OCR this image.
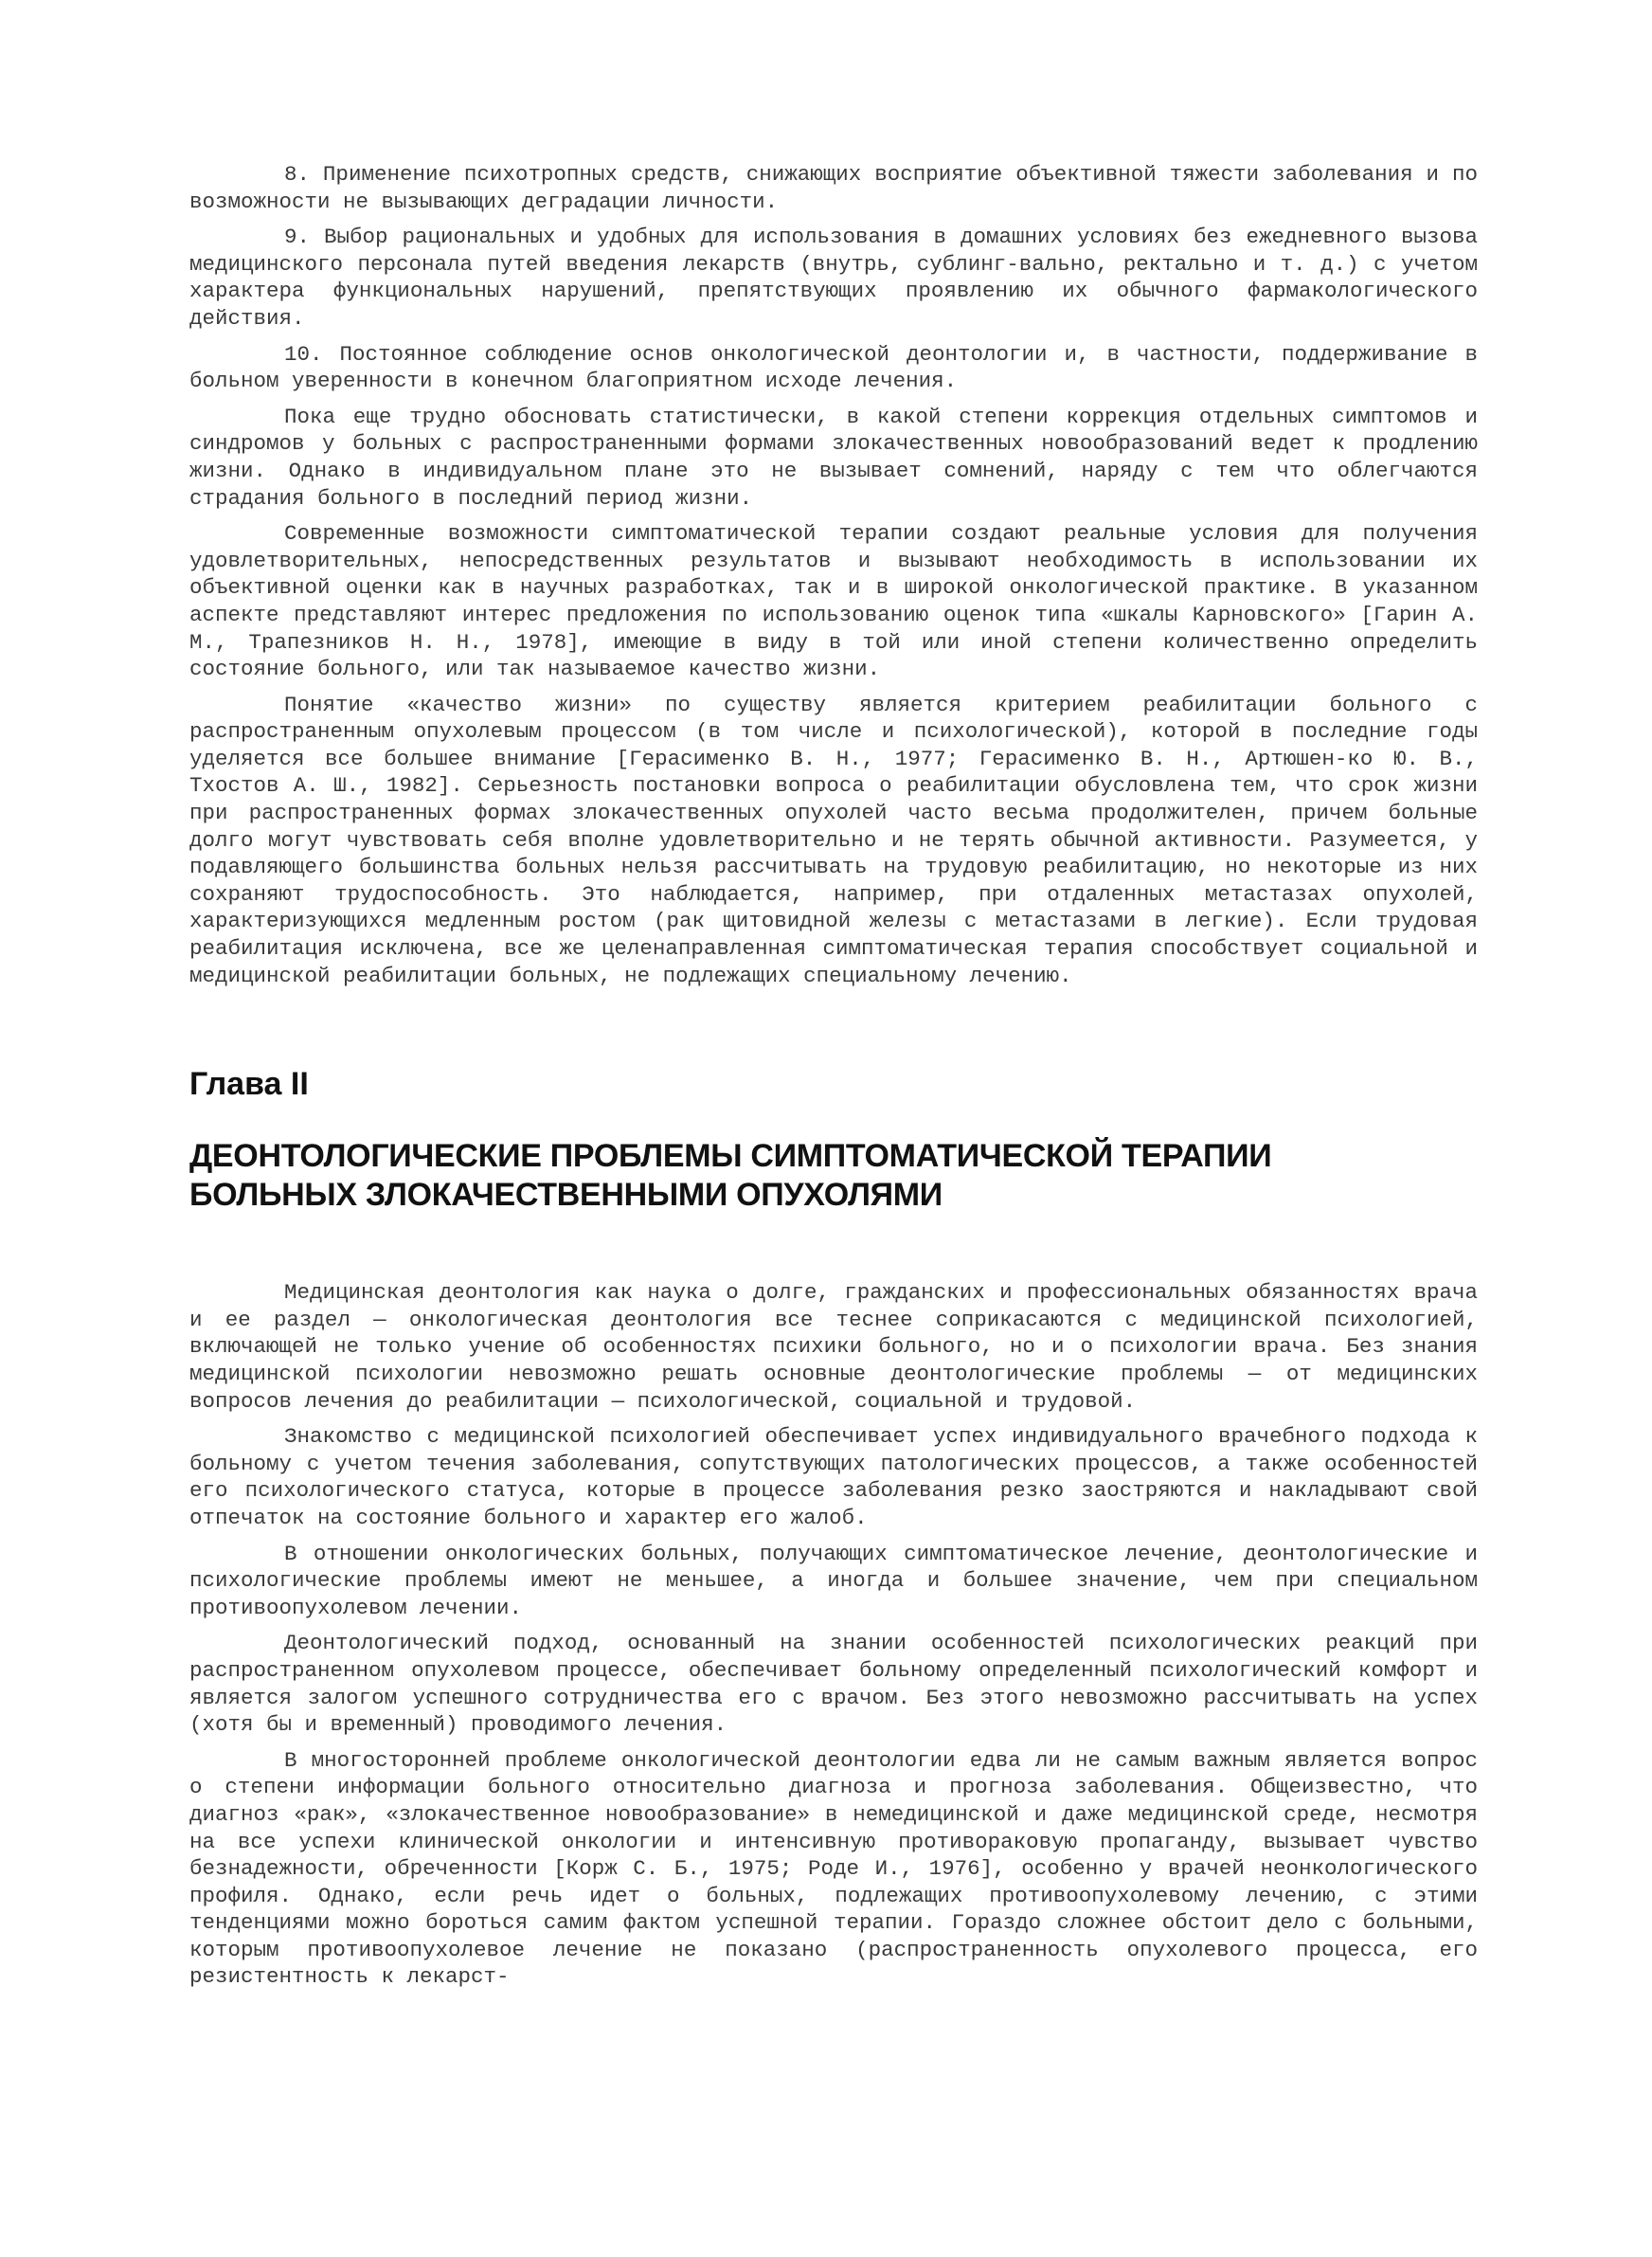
8. Применение психотропных средств, снижающих восприятие объективной тяжести заболевания и по возможности не вызывающих деградации личности.

9. Выбор рациональных и удобных для использования в домашних условиях без ежедневного вызова медицинского персонала путей введения лекарств (внутрь, сублинг-вально, ректально и т. д.) с учетом характера функциональных нарушений, препятствующих проявлению их обычного фармакологического действия.

10. Постоянное соблюдение основ онкологической деонтологии и, в частности, поддерживание в больном уверенности в конечном благоприятном исходе лечения.

Пока еще трудно обосновать статистически, в какой степени коррекция отдельных симптомов и синдромов у больных с распространенными формами злокачественных новообразований ведет к продлению жизни. Однако в индивидуальном плане это не вызывает сомнений, наряду с тем что облегчаются страдания больного в последний период жизни.

Современные возможности симптоматической терапии создают реальные условия для получения удовлетворительных, непосредственных результатов и вызывают необходимость в использовании их объективной оценки как в научных разработках, так и в широкой онкологической практике. В указанном аспекте представляют интерес предложения по использованию оценок типа «шкалы Карновского» [Гарин А. М., Трапезников Н. Н., 1978], имеющие в виду в той или иной степени количественно определить состояние больного, или так называемое качество жизни.

Понятие «качество жизни» по существу является критерием реабилитации больного с распространенным опухолевым процессом (в том числе и психологической), которой в последние годы уделяется все большее внимание [Герасименко В. Н., 1977; Герасименко В. Н., Артюшен-ко Ю. В., Тхостов А. Ш., 1982]. Серьезность постановки вопроса о реабилитации обусловлена тем, что срок жизни при распространенных формах злокачественных опухолей часто весьма продолжителен, причем больные долго могут чувствовать себя вполне удовлетворительно и не терять обычной активности. Разумеется, у подавляющего большинства больных нельзя рассчитывать на трудовую реабилитацию, но некоторые из них сохраняют трудоспособность. Это наблюдается, например, при отдаленных метастазах опухолей, характеризующихся медленным ростом (рак щитовидной железы с метастазами в легкие). Если трудовая реабилитация исключена, все же целенаправленная симптоматическая терапия способствует социальной и медицинской реабилитации больных, не подлежащих специальному лечению.

Глава II
ДЕОНТОЛОГИЧЕСКИЕ ПРОБЛЕМЫ СИМПТОМАТИЧЕСКОЙ ТЕРАПИИ
БОЛЬНЫХ ЗЛОКАЧЕСТВЕННЫМИ ОПУХОЛЯМИ

Медицинская деонтология как наука о долге, гражданских и профессиональных обязанностях врача и ее раздел — онкологическая деонтология все теснее соприкасаются с медицинской психологией, включающей не только учение об особенностях психики больного, но и о психологии врача. Без знания медицинской психологии невозможно решать основные деонтологические проблемы — от медицинских вопросов лечения до реабилитации — психологической, социальной и трудовой.

Знакомство с медицинской психологией обеспечивает успех индивидуального врачебного подхода к больному с учетом течения заболевания, сопутствующих патологических процессов, а также особенностей его психологического статуса, которые в процессе заболевания резко заостряются и накладывают свой отпечаток на состояние больного и характер его жалоб.

В отношении онкологических больных, получающих симптоматическое лечение, деонтологические и психологические проблемы имеют не меньшее, а иногда и большее значение, чем при специальном противоопухолевом лечении.

Деонтологический подход, основанный на знании особенностей психологических реакций при распространенном опухолевом процессе, обеспечивает больному определенный психологический комфорт и является залогом успешного сотрудничества его с врачом. Без этого невозможно рассчитывать на успех (хотя бы и временный) проводимого лечения.

В многосторонней проблеме онкологической деонтологии едва ли не самым важным является вопрос о степени информации больного относительно диагноза и прогноза заболевания. Общеизвестно, что диагноз «рак», «злокачественное новообразование» в немедицинской и даже медицинской среде, несмотря на все успехи клинической онкологии и интенсивную противораковую пропаганду, вызывает чувство безнадежности, обреченности [Корж С. Б., 1975; Роде И., 1976], особенно у врачей неонкологического профиля. Однако, если речь идет о больных, подлежащих противоопухолевому лечению, с этими тенденциями можно бороться самим фактом успешной терапии. Гораздо сложнее обстоит дело с больными, которым противоопухолевое лечение не показано (распространенность опухолевого процесса, его резистентность к лекарст-
